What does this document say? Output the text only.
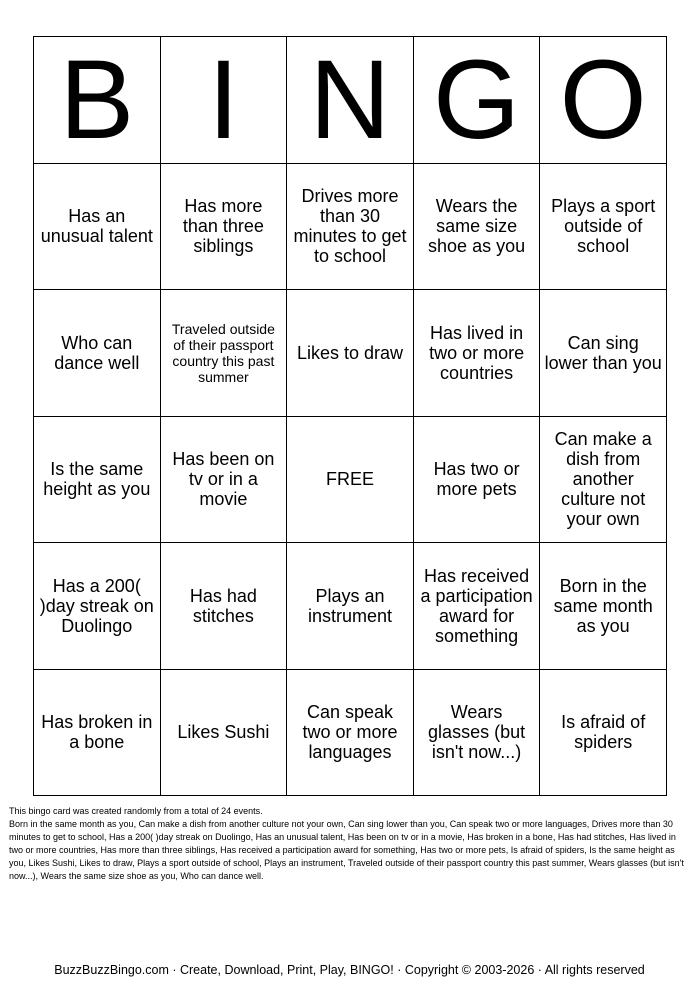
B	I	N	G	O
Has an unusual talent	Has more than three siblings	Drives more than 30 minutes to get to school	Wears the same size shoe as you	Plays a sport outside of school
Who can dance well	Traveled outside of their passport country this past summer	Likes to draw	Has lived in two or more countries	Can sing lower than you
Is the same height as you	Has been on tv or in a movie	FREE	Has two or more pets	Can make a dish from another culture not your own
Has a 200( )day streak on Duolingo	Has had stitches	Plays an instrument	Has received a participation award for something	Born in the same month as you
Has broken in a bone	Likes Sushi	Can speak two or more languages	Wears glasses (but isn't now...)	Is afraid of spiders

This bingo card was created randomly from a total of 24 events.

Born in the same month as you, Can make a dish from another culture not your own, Can sing lower than you, Can speak two or more languages, Drives more than 30 minutes to get to school, Has a 200( )day streak on Duolingo, Has an unusual talent, Has been on tv or in a movie, Has broken in a bone, Has had stitches, Has lived in two or more countries, Has more than three siblings, Has received a participation award for something, Has two or more pets, Is afraid of spiders, Is the same height as you, Likes Sushi, Likes to draw, Plays a sport outside of school, Plays an instrument, Traveled outside of their passport country this past summer, Wears glasses (but isn't now...), Wears the same size shoe as you, Who can dance well.

BuzzBuzzBingo.com · Create, Download, Print, Play, BINGO! · Copyright © 2003-2026 · All rights reserved
